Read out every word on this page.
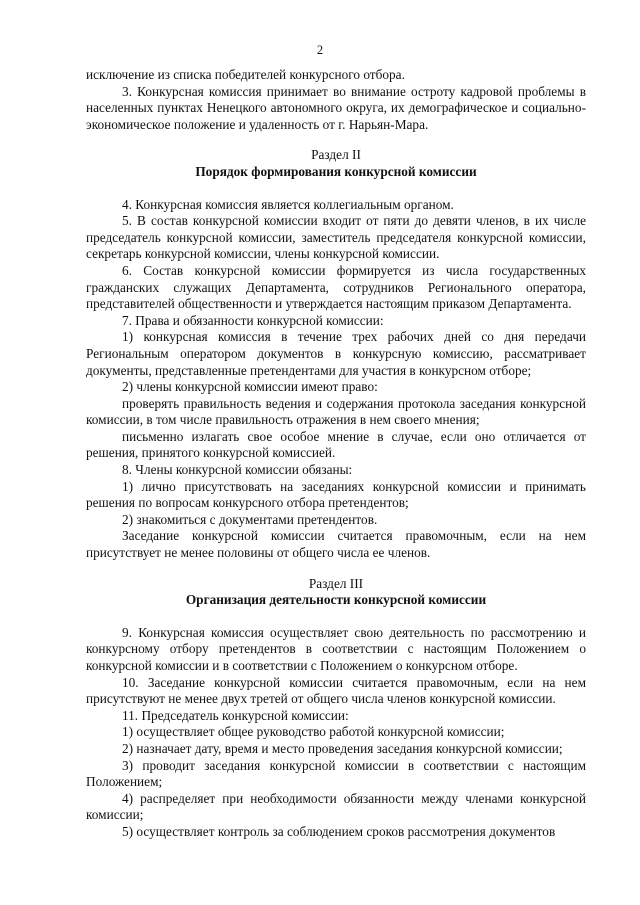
2

исключение из списка победителей конкурсного отбора.

3. Конкурсная комиссия принимает во внимание остроту кадровой проблемы в населенных пунктах Ненецкого автономного округа, их демографическое и социально-экономическое положение и удаленность от г. Нарьян-Мара.

Раздел II

Порядок формирования конкурсной комиссии

4. Конкурсная комиссия является коллегиальным органом.

5. В состав конкурсной комиссии входит от пяти до девяти членов, в их числе председатель конкурсной комиссии, заместитель председателя конкурсной комиссии, секретарь конкурсной комиссии, члены конкурсной комиссии.

6. Состав конкурсной комиссии формируется из числа государственных гражданских служащих Департамента, сотрудников Регионального оператора, представителей общественности и утверждается настоящим приказом Департамента.

7. Права и обязанности конкурсной комиссии:

1) конкурсная комиссия в течение трех рабочих дней со дня передачи Региональным оператором документов в конкурсную комиссию, рассматривает документы, представленные претендентами для участия в конкурсном отборе;

2) члены конкурсной комиссии имеют право:

проверять правильность ведения и содержания протокола заседания конкурсной комиссии, в том числе правильность отражения в нем своего мнения;

письменно излагать свое особое мнение в случае, если оно отличается от решения, принятого конкурсной комиссией.

8. Члены конкурсной комиссии обязаны:

1) лично присутствовать на заседаниях конкурсной комиссии и принимать решения по вопросам конкурсного отбора претендентов;

2) знакомиться с документами претендентов.

Заседание конкурсной комиссии считается правомочным, если на нем присутствует не менее половины от общего числа ее членов.

Раздел III

Организация деятельности конкурсной комиссии

9. Конкурсная комиссия осуществляет свою деятельность по рассмотрению и конкурсному отбору претендентов в соответствии с настоящим Положением о конкурсной комиссии и в соответствии с Положением о конкурсном отборе.

10. Заседание конкурсной комиссии считается правомочным, если на нем присутствуют не менее двух третей от общего числа членов конкурсной комиссии.

11. Председатель конкурсной комиссии:

1) осуществляет общее руководство работой конкурсной комиссии;

2) назначает дату, время и место проведения заседания конкурсной комиссии;

3) проводит заседания конкурсной комиссии в соответствии с настоящим Положением;

4) распределяет при необходимости обязанности между членами конкурсной комиссии;

5) осуществляет контроль за соблюдением сроков рассмотрения документов
